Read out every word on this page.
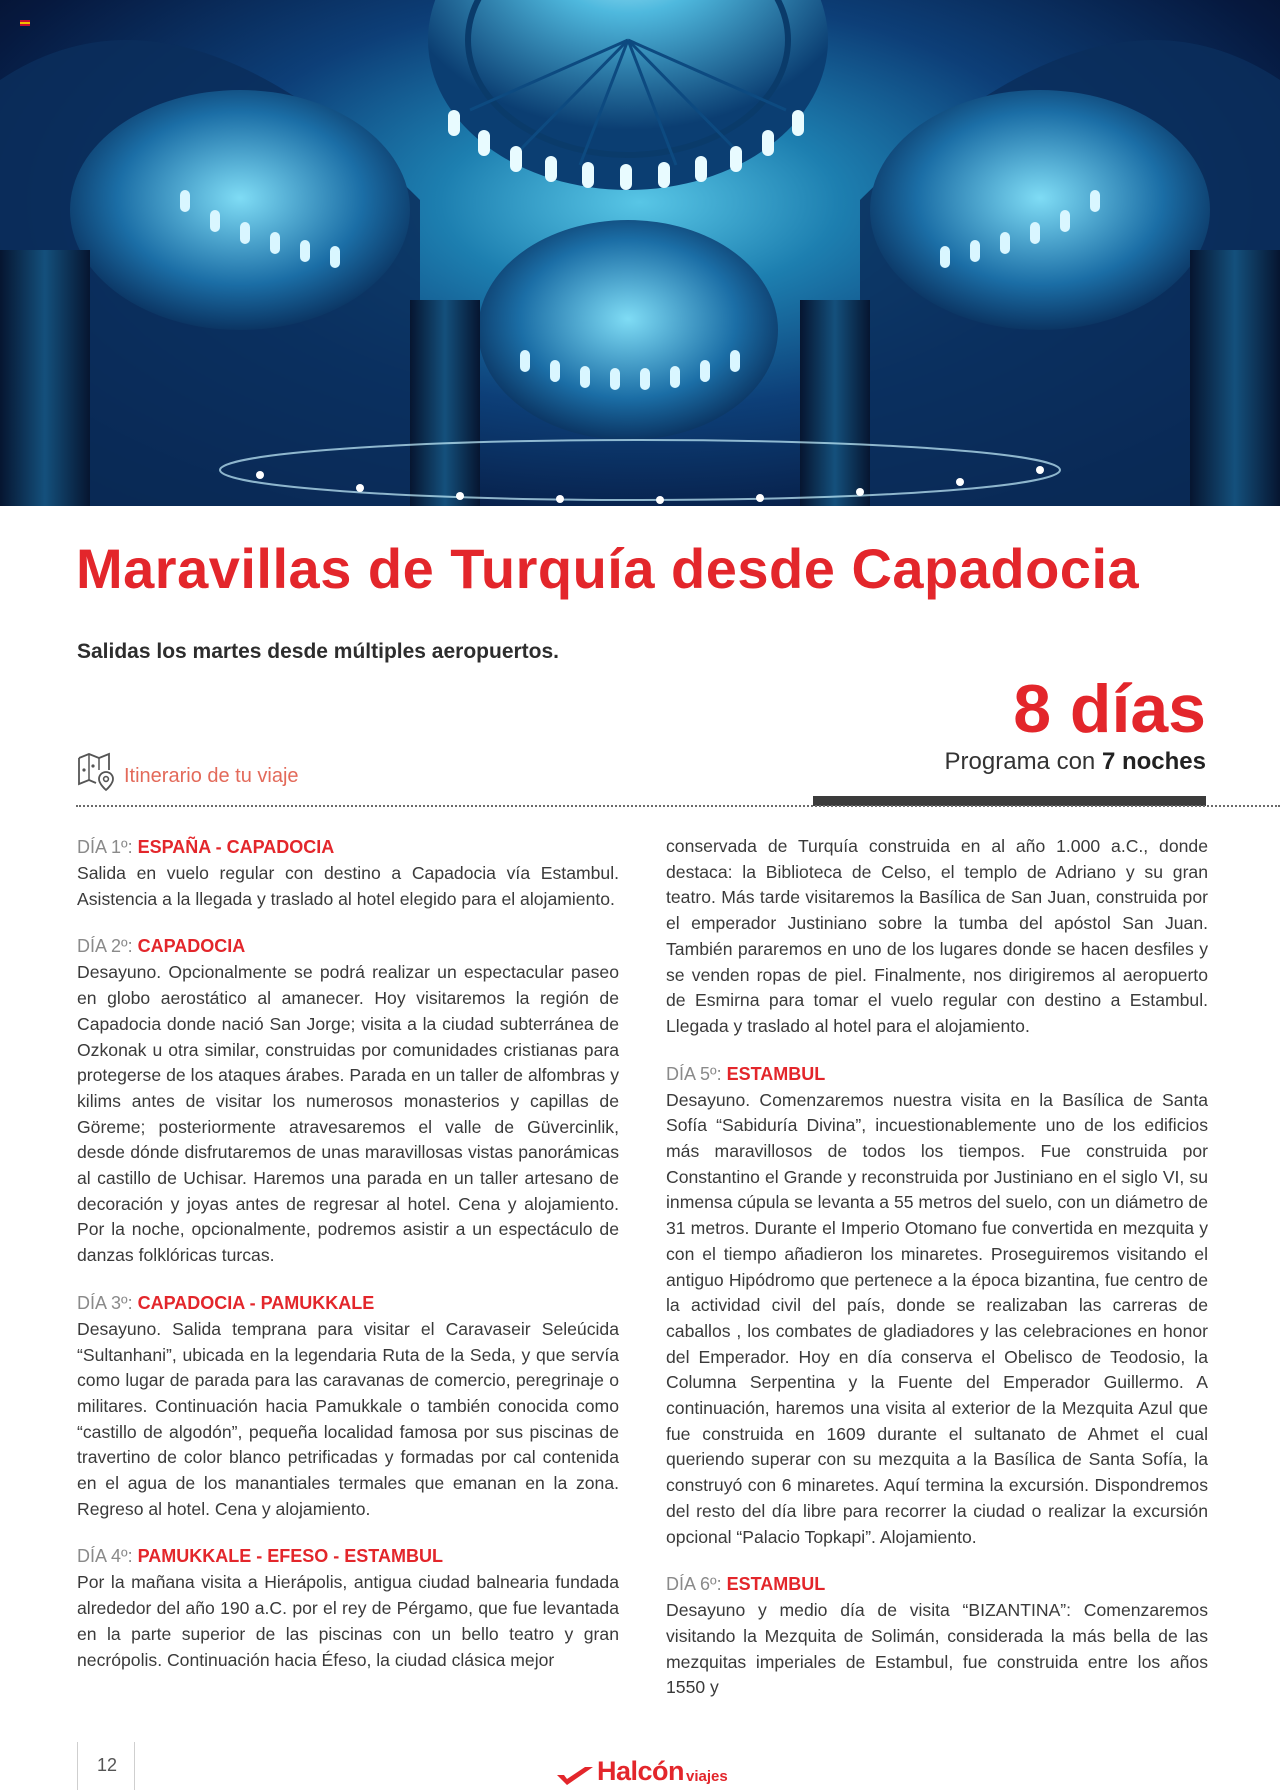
Maravillas de Turquía desde Capadocia
Salidas los martes desde múltiples aeropuertos.
8 días
Programa con 7 noches
Itinerario de tu viaje
DÍA 1º: ESPAÑA - CAPADOCIA

Salida en vuelo regular con destino a Capadocia vía Estambul. Asistencia a la llegada y traslado al hotel elegido para el alojamiento.

DÍA 2º: CAPADOCIA

Desayuno. Opcionalmente se podrá realizar un espectacular paseo en globo aerostático al amanecer. Hoy visitaremos la región de Capadocia donde nació San Jorge; visita a la ciudad subterránea de Ozkonak u otra similar, construidas por comunidades cristianas para protegerse de los ataques árabes. Parada en un taller de alfombras y kilims antes de visitar los numerosos monasterios y capillas de Göreme; posteriormente atravesaremos el valle de Güvercinlik, desde dónde disfrutaremos de unas maravillosas vistas panorámicas al castillo de Uchisar. Haremos una parada en un taller artesano de decoración y joyas antes de regresar al hotel. Cena y alojamiento. Por la noche, opcionalmente, podremos asistir a un espectáculo de danzas folklóricas turcas.

DÍA 3º: CAPADOCIA - PAMUKKALE

Desayuno. Salida temprana para visitar el Caravaseir Seleúcida “Sultanhani”, ubicada en la legendaria Ruta de la Seda, y que servía como lugar de parada para las caravanas de comercio, peregrinaje o militares. Continuación hacia Pamukkale o también conocida como “castillo de algodón”, pequeña localidad famosa por sus piscinas de travertino de color blanco petrificadas y formadas por cal contenida en el agua de los manantiales termales que emanan en la zona. Regreso al hotel. Cena y alojamiento.

DÍA 4º: PAMUKKALE - EFESO - ESTAMBUL

Por la mañana visita a Hierápolis, antigua ciudad balnearia fundada alrededor del año 190 a.C. por el rey de Pérgamo, que fue levantada en la parte superior de las piscinas con un bello teatro y gran necrópolis. Continuación hacia Éfeso, la ciudad clásica mejor

conservada de Turquía construida en al año 1.000 a.C., donde destaca: la Biblioteca de Celso, el templo de Adriano y su gran teatro. Más tarde visitaremos la Basílica de San Juan, construida por el emperador Justiniano sobre la tumba del apóstol San Juan. También pararemos en uno de los lugares donde se hacen desfiles y se venden ropas de piel. Finalmente, nos dirigiremos al aeropuerto de Esmirna para tomar el vuelo regular con destino a Estambul. Llegada y traslado al hotel para el alojamiento.

DÍA 5º: ESTAMBUL

Desayuno. Comenzaremos nuestra visita en la Basílica de Santa Sofía “Sabiduría Divina”, incuestionablemente uno de los edificios más maravillosos de todos los tiempos. Fue construida por Constantino el Grande y reconstruida por Justiniano en el siglo VI, su inmensa cúpula se levanta a 55 metros del suelo, con un diámetro de 31 metros. Durante el Imperio Otomano fue convertida en mezquita y con el tiempo añadieron los minaretes. Proseguiremos visitando el antiguo Hipódromo que pertenece a la época bizantina, fue centro de la actividad civil del país, donde se realizaban las carreras de caballos , los combates de gladiadores y las celebraciones en honor del Emperador. Hoy en día conserva el Obelisco de Teodosio, la Columna Serpentina y la Fuente del Emperador Guillermo. A continuación, haremos una visita al exterior de la Mezquita Azul que fue construida en 1609 durante el sultanato de Ahmet el cual queriendo superar con su mezquita a la Basílica de Santa Sofía, la construyó con 6 minaretes. Aquí termina la excursión. Dispondremos del resto del día libre para recorrer la ciudad o realizar la excursión opcional “Palacio Topkapi”. Alojamiento.

DÍA 6º: ESTAMBUL

Desayuno y medio día de visita “BIZANTINA”: Comenzaremos visitando la Mezquita de Solimán, considerada la más bella de las mezquitas imperiales de Estambul, fue construida entre los años 1550 y

12	Halcón viajes
